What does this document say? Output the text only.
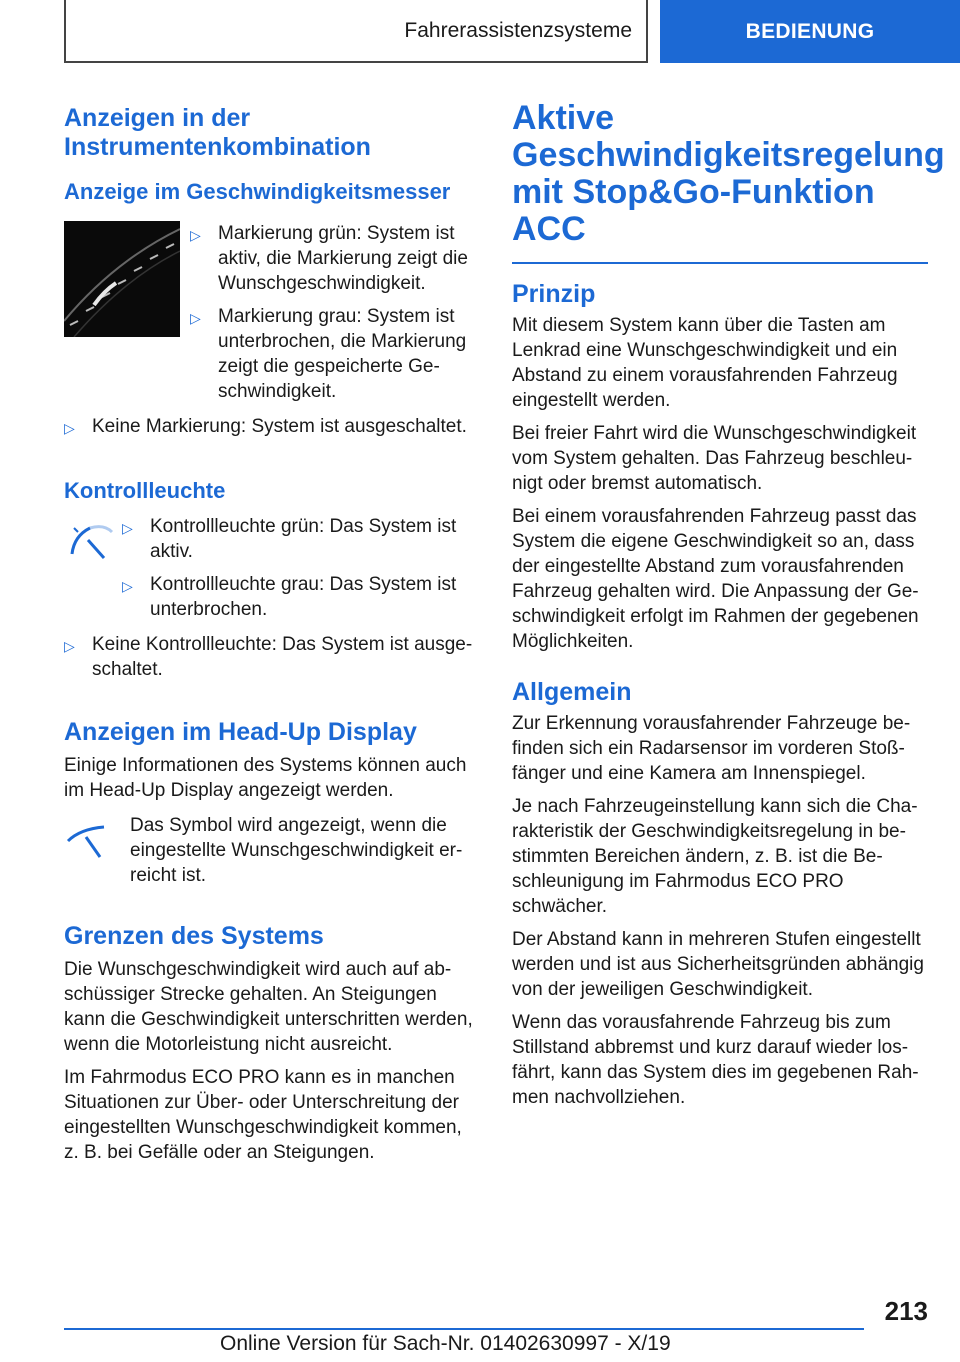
Fahrerassistenzsysteme	BEDIENUNG
Anzeigen in der Instrumentenkombination
Anzeige im Geschwindigkeitsmesser
▷ Markierung grün: System ist aktiv, die Markierung zeigt die Wunschgeschwindigkeit.
▷ Markierung grau: System ist unterbrochen, die Markierung zeigt die gespeicherte Ge-schwindigkeit.
▷ Keine Markierung: System ist ausgeschaltet.
Kontrollleuchte
▷ Kontrollleuchte grün: Das System ist aktiv.
▷ Kontrollleuchte grau: Das System ist unterbrochen.
▷ Keine Kontrollleuchte: Das System ist ausge-schaltet.
Anzeigen im Head-Up Display

Einige Informationen des Systems können auch im Head-Up Display angezeigt werden.

Das Symbol wird angezeigt, wenn die eingestellte Wunschgeschwindigkeit er-reicht ist.

Grenzen des Systems

Die Wunschgeschwindigkeit wird auch auf ab-schüssiger Strecke gehalten. An Steigungen kann die Geschwindigkeit unterschritten werden, wenn die Motorleistung nicht ausreicht.

Im Fahrmodus ECO PRO kann es in manchen Situationen zur Über- oder Unterschreitung der eingestellten Wunschgeschwindigkeit kommen, z. B. bei Gefälle oder an Steigungen.

Aktive Geschwindigkeitsregelung mit Stop&Go-Funktion ACC
Prinzip

Mit diesem System kann über die Tasten am Lenkrad eine Wunschgeschwindigkeit und ein Abstand zu einem vorausfahrenden Fahrzeug eingestellt werden.

Bei freier Fahrt wird die Wunschgeschwindigkeit vom System gehalten. Das Fahrzeug beschleu-nigt oder bremst automatisch.

Bei einem vorausfahrenden Fahrzeug passt das System die eigene Geschwindigkeit so an, dass der eingestellte Abstand zum vorausfahrenden Fahrzeug gehalten wird. Die Anpassung der Ge-schwindigkeit erfolgt im Rahmen der gegebenen Möglichkeiten.

Allgemein

Zur Erkennung vorausfahrender Fahrzeuge be-finden sich ein Radarsensor im vorderen Stoß-fänger und eine Kamera am Innenspiegel.

Je nach Fahrzeugeinstellung kann sich die Cha-rakteristik der Geschwindigkeitsregelung in be-stimmten Bereichen ändern, z. B. ist die Be-schleunigung im Fahrmodus ECO PRO schwächer.

Der Abstand kann in mehreren Stufen eingestellt werden und ist aus Sicherheitsgründen abhängig von der jeweiligen Geschwindigkeit.

Wenn das vorausfahrende Fahrzeug bis zum Stillstand abbremst und kurz darauf wieder los-fährt, kann das System dies im gegebenen Rah-men nachvollziehen.

213
Online Version für Sach-Nr. 01402630997 - X/19
